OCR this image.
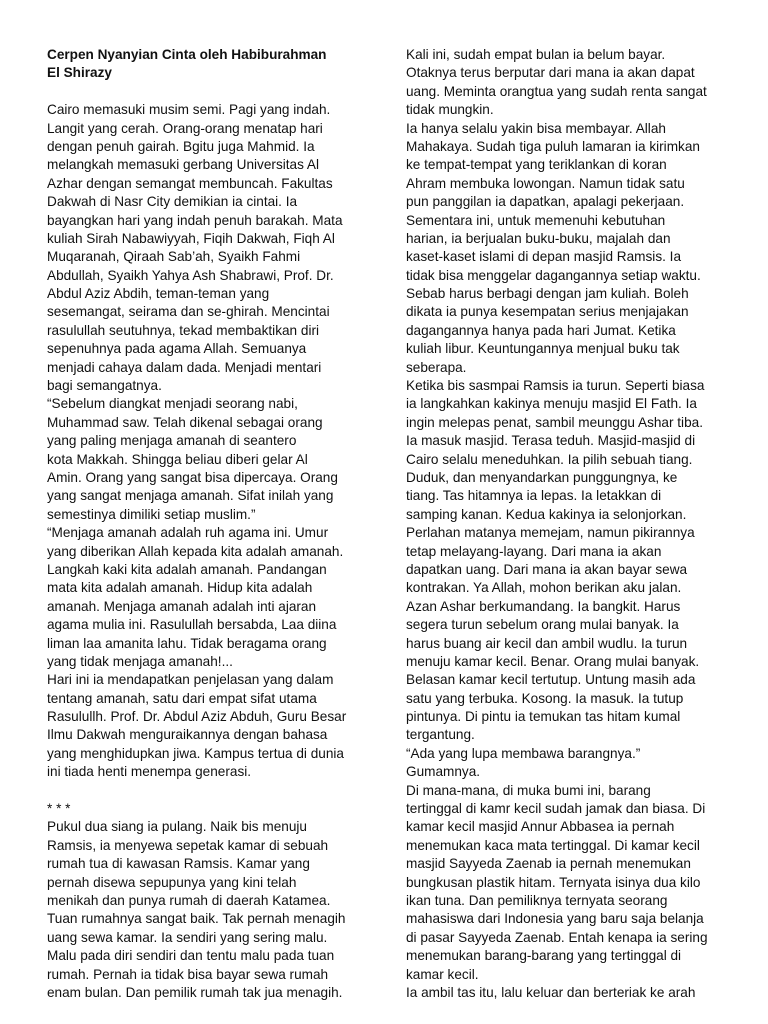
Cerpen Nyanyian Cinta oleh Habiburahman
El Shirazy
Cairo memasuki musim semi. Pagi yang indah.
Langit yang cerah. Orang-orang menatap hari
dengan penuh gairah. Bgitu juga Mahmid. Ia
melangkah memasuki gerbang Universitas Al
Azhar dengan semangat membuncah. Fakultas
Dakwah di Nasr City demikian ia cintai. Ia
bayangkan hari yang indah penuh barakah. Mata
kuliah Sirah Nabawiyyah, Fiqih Dakwah, Fiqh Al
Muqaranah, Qiraah Sab’ah, Syaikh Fahmi
Abdullah, Syaikh Yahya Ash Shabrawi, Prof. Dr.
Abdul Aziz Abdih, teman-teman yang
sesemangat, seirama dan se-ghirah. Mencintai
rasulullah seutuhnya, tekad membaktikan diri
sepenuhnya pada agama Allah. Semuanya
menjadi cahaya dalam dada. Menjadi mentari
bagi semangatnya.
“Sebelum diangkat menjadi seorang nabi,
Muhammad saw. Telah dikenal sebagai orang
yang paling menjaga amanah di seantero
kota Makkah. Shingga beliau diberi gelar Al
Amin. Orang yang sangat bisa dipercaya. Orang
yang sangat menjaga amanah. Sifat inilah yang
semestinya dimiliki setiap muslim.”
“Menjaga amanah adalah ruh agama ini. Umur
yang diberikan Allah kepada kita adalah amanah.
Langkah kaki kita adalah amanah. Pandangan
mata kita adalah amanah. Hidup kita adalah
amanah. Menjaga amanah adalah inti ajaran
agama mulia ini. Rasulullah bersabda, Laa diina
liman laa amanita lahu. Tidak beragama orang
yang tidak menjaga amanah!...
Hari ini ia mendapatkan penjelasan yang dalam
tentang amanah, satu dari empat sifat utama
Rasulullh. Prof. Dr. Abdul Aziz Abduh, Guru Besar
Ilmu Dakwah menguraikannya dengan bahasa
yang menghidupkan jiwa. Kampus tertua di dunia
ini tiada henti menempa generasi.
* * *
Pukul dua siang ia pulang. Naik bis menuju
Ramsis, ia menyewa sepetak kamar di sebuah
rumah tua di kawasan Ramsis. Kamar yang
pernah disewa sepupunya yang kini telah
menikah dan punya rumah di daerah Katamea.
Tuan rumahnya sangat baik. Tak pernah menagih
uang sewa kamar. Ia sendiri yang sering malu.
Malu pada diri sendiri dan tentu malu pada tuan
rumah. Pernah ia tidak bisa bayar sewa rumah
enam bulan. Dan pemilik rumah tak jua menagih.
Kali ini, sudah empat bulan ia belum bayar.
Otaknya terus berputar dari mana ia akan dapat
uang. Meminta orangtua yang sudah renta sangat
tidak mungkin.
Ia hanya selalu yakin bisa membayar. Allah
Mahakaya. Sudah tiga puluh lamaran ia kirimkan
ke tempat-tempat yang teriklankan di koran
Ahram membuka lowongan. Namun tidak satu
pun panggilan ia dapatkan, apalagi pekerjaan.
Sementara ini, untuk memenuhi kebutuhan
harian, ia berjualan buku-buku, majalah dan
kaset-kaset islami di depan masjid Ramsis. Ia
tidak bisa menggelar dagangannya setiap waktu.
Sebab harus berbagi dengan jam kuliah. Boleh
dikata ia punya kesempatan serius menjajakan
dagangannya hanya pada hari Jumat. Ketika
kuliah libur. Keuntungannya menjual buku tak
seberapa.
Ketika bis sasmpai Ramsis ia turun. Seperti biasa
ia langkahkan kakinya menuju masjid El Fath. Ia
ingin melepas penat, sambil meunggu Ashar tiba.
Ia masuk masjid. Terasa teduh. Masjid-masjid di
Cairo selalu meneduhkan. Ia pilih sebuah tiang.
Duduk, dan menyandarkan punggungnya, ke
tiang. Tas hitamnya ia lepas. Ia letakkan di
samping kanan. Kedua kakinya ia selonjorkan.
Perlahan matanya memejam, namun pikirannya
tetap melayang-layang. Dari mana ia akan
dapatkan uang. Dari mana ia akan bayar sewa
kontrakan. Ya Allah, mohon berikan aku jalan.
Azan Ashar berkumandang. Ia bangkit. Harus
segera turun sebelum orang mulai banyak. Ia
harus buang air kecil dan ambil wudlu. Ia turun
menuju kamar kecil. Benar. Orang mulai banyak.
Belasan kamar kecil tertutup. Untung masih ada
satu yang terbuka. Kosong. Ia masuk. Ia tutup
pintunya. Di pintu ia temukan tas hitam kumal
tergantung.
“Ada yang lupa membawa barangnya.”
Gumamnya.
Di mana-mana, di muka bumi ini, barang
tertinggal di kamr kecil sudah jamak dan biasa. Di
kamar kecil masjid Annur Abbasea ia pernah
menemukan kaca mata tertinggal. Di kamar kecil
masjid Sayyeda Zaenab ia pernah menemukan
bungkusan plastik hitam. Ternyata isinya dua kilo
ikan tuna. Dan pemiliknya ternyata seorang
mahasiswa dari Indonesia yang baru saja belanja
di pasar Sayyeda Zaenab. Entah kenapa ia sering
menemukan barang-barang yang tertinggal di
kamar kecil.
Ia ambil tas itu, lalu keluar dan berteriak ke arah
